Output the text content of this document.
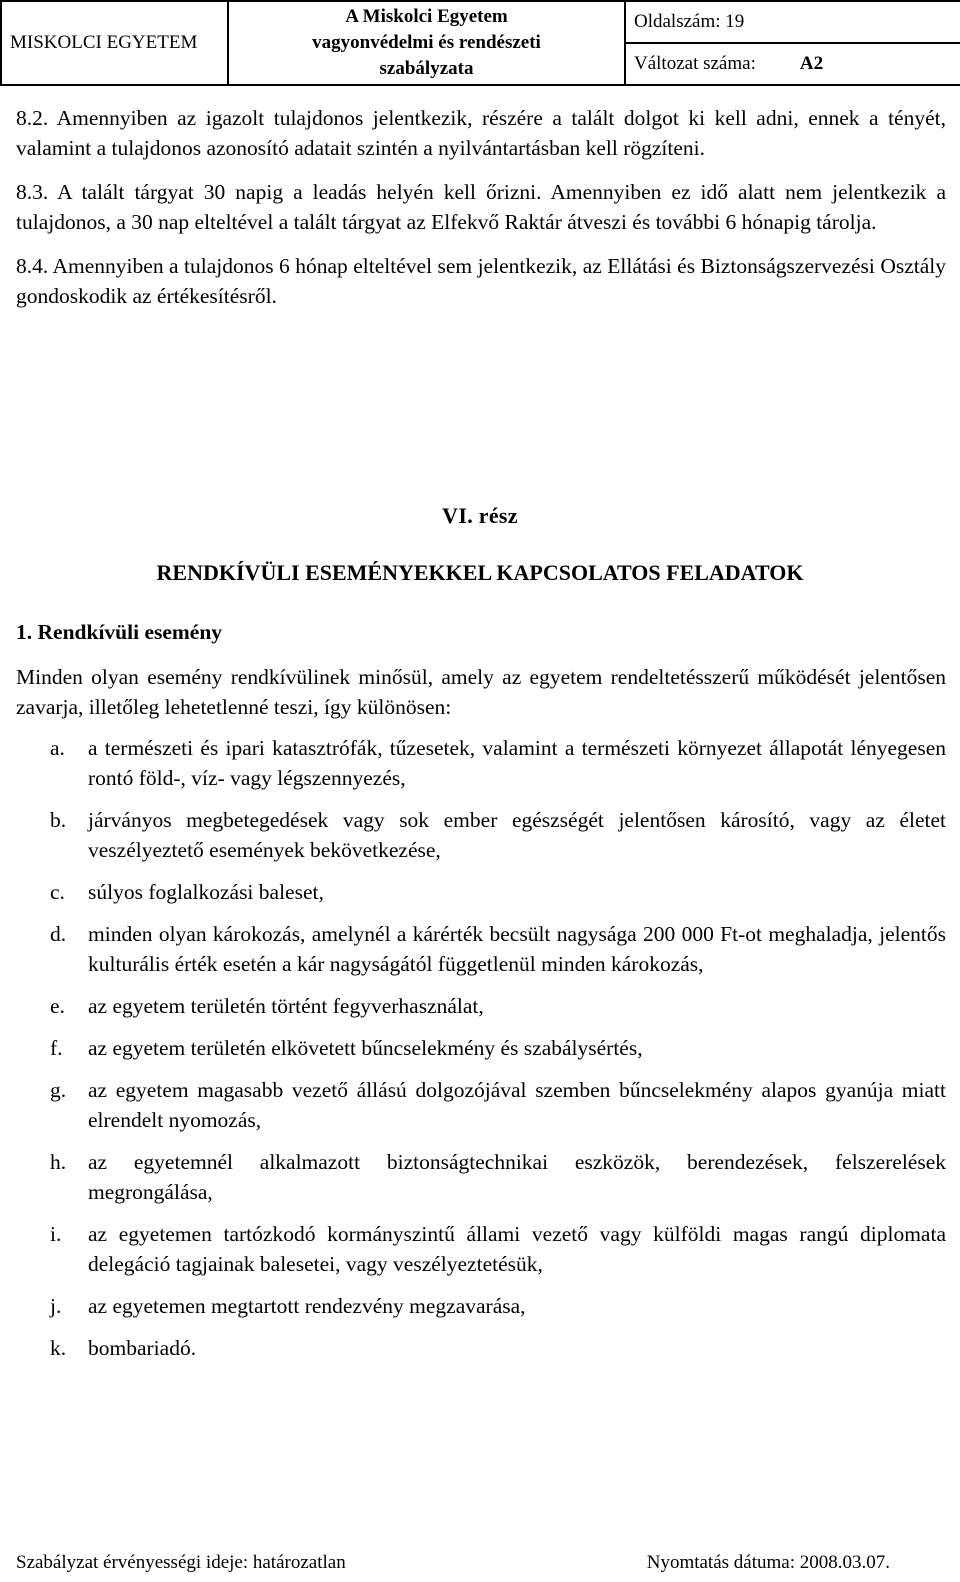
MISKOLCI EGYETEM	
A Miskolci Egyetem
vagyonvédelmi és rendészeti
szabályzata
	Oldalszám: 19
Változat száma: A2

8.2. Amennyiben az igazolt tulajdonos jelentkezik, részére a talált dolgot ki kell adni, ennek a tényét, valamint a tulajdonos azonosító adatait szintén a nyilvántartásban kell rögzíteni.

8.3. A talált tárgyat 30 napig a leadás helyén kell őrizni. Amennyiben ez idő alatt nem jelentkezik a tulajdonos, a 30 nap elteltével a talált tárgyat az Elfekvő Raktár átveszi és további 6 hónapig tárolja.

8.4. Amennyiben a tulajdonos 6 hónap elteltével sem jelentkezik, az Ellátási és Biztonságszervezési Osztály gondoskodik az értékesítésről.

VI. rész
RENDKÍVÜLI ESEMÉNYEKKEL KAPCSOLATOS FELADATOK
1. Rendkívüli esemény

Minden olyan esemény rendkívülinek minősül, amely az egyetem rendeltetésszerű működését jelentősen zavarja, illetőleg lehetetlenné teszi, így különösen:

a.	a természeti és ipari katasztrófák, tűzesetek, valamint a természeti környezet állapotát lényegesen rontó föld-, víz- vagy légszennyezés,
b.	járványos megbetegedések vagy sok ember egészségét jelentősen károsító, vagy az életet veszélyeztető események bekövetkezése,
c.	súlyos foglalkozási baleset,
d.	minden olyan károkozás, amelynél a kárérték becsült nagysága 200 000 Ft-ot meghaladja, jelentős kulturális érték esetén a kár nagyságától függetlenül minden károkozás,
e.	az egyetem területén történt fegyverhasználat,
f.	az egyetem területén elkövetett bűncselekmény és szabálysértés,
g.	az egyetem magasabb vezető állású dolgozójával szemben bűncselekmény alapos gyanúja miatt elrendelt nyomozás,
h.	az egyetemnél alkalmazott biztonságtechnikai eszközök, berendezések, felszerelések megrongálása,
i.	az egyetemen tartózkodó kormányszintű állami vezető vagy külföldi magas rangú diplomata delegáció tagjainak balesetei, vagy veszélyeztetésük,
j.	az egyetemen megtartott rendezvény megzavarása,
k.	bombariadó.
Szabályzat érvényességi ideje: határozatlan	Nyomtatás dátuma: 2008.03.07.
